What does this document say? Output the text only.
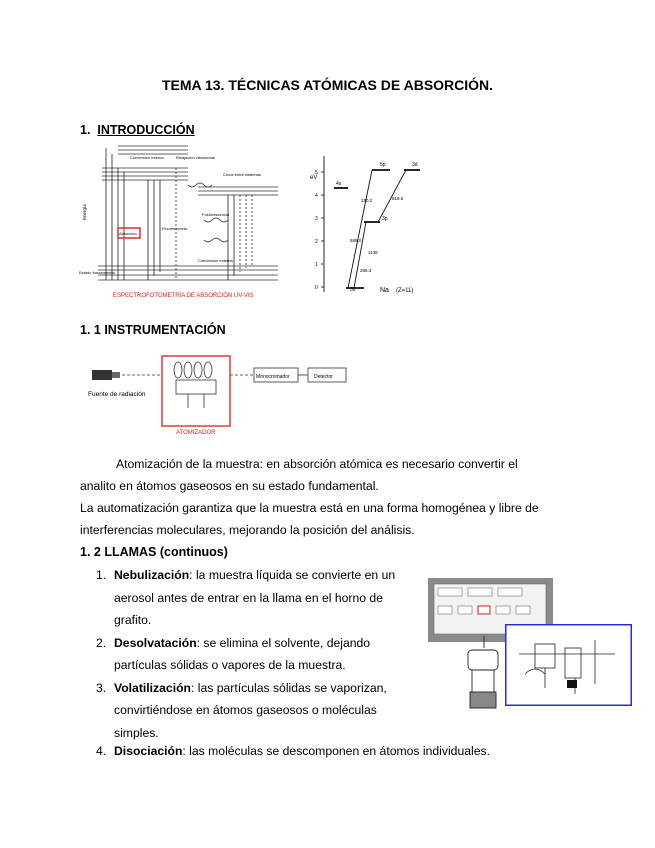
TEMA 13. TÉCNICAS ATÓMICAS DE ABSORCIÓN.
1. INTRODUCCIÓN
Energía
Estado fundamental
Absorción
Fluorescencia
Fosforescencia
Conversión interna	Relajación vibracional
Cruce entre sistemas
Conversión externa
ESPECTROFOTOMETRÍA DE ABSORCIÓN UV-VIS
eV
5
4
3
2
1
0	3s
4s
3p
5p	3d
589.0
330.2
285.3
819.5
1138
Na (Z=11)
1. 1 INSTRUMENTACIÓN
Fuente de radiación
ATOMIZADOR
Monocromador	Detector
Atomización de la muestra: en absorción atómica es necesario convertir el
analito en átomos gaseosos en su estado fundamental.
La automatización garantiza que la muestra está en una forma homogénea y libre de
interferencias moleculares, mejorando la posición del análisis.
1. 2 LLAMAS (continuos)
1. Nebulización: la muestra líquida se convierte en un
aerosol antes de entrar en la llama en el horno de
grafito.
2. Desolvatación: se elimina el solvente, dejando
partículas sólidas o vapores de la muestra.
3. Volatilización: las partículas sólidas se vaporizan,
convirtiéndose en átomos gaseosos o moléculas
simples.
4. Disociación: las moléculas se descomponen en átomos individuales.
